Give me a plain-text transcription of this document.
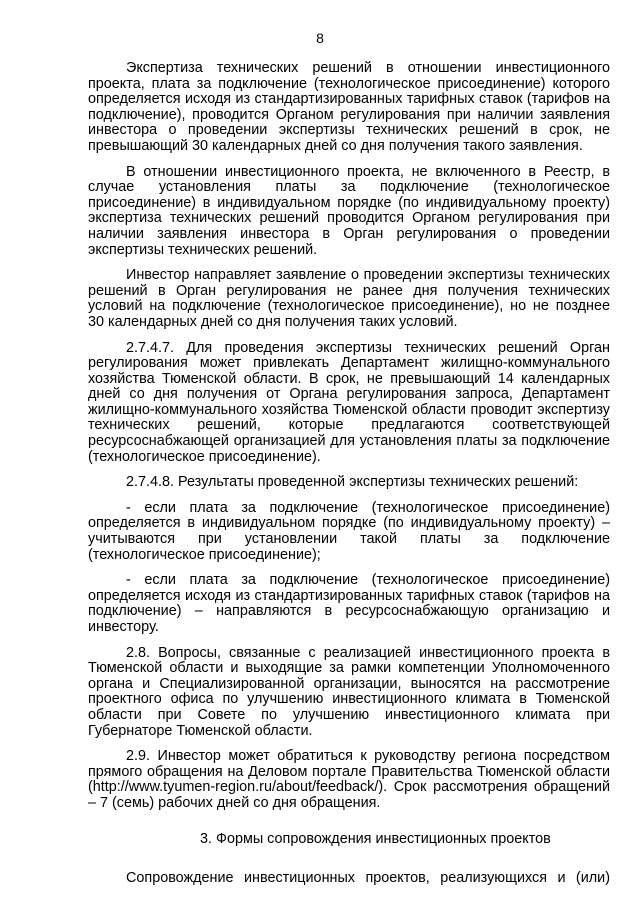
8

Экспертиза технических решений в отношении инвестиционного проекта, плата за подключение (технологическое присоединение) которого определяется исходя из стандартизированных тарифных ставок (тарифов на подключение), проводится Органом регулирования при наличии заявления инвестора о проведении экспертизы технических решений в срок, не превышающий 30 календарных дней со дня получения такого заявления.

В отношении инвестиционного проекта, не включенного в Реестр, в случае установления платы за подключение (технологическое присоединение) в индивидуальном порядке (по индивидуальному проекту) экспертиза технических решений проводится Органом регулирования при наличии заявления инвестора в Орган регулирования о проведении экспертизы технических решений.

Инвестор направляет заявление о проведении экспертизы технических решений в Орган регулирования не ранее дня получения технических условий на подключение (технологическое присоединение), но не позднее 30 календарных дней со дня получения таких условий.

2.7.4.7. Для проведения экспертизы технических решений Орган регулирования может привлекать Департамент жилищно-коммунального хозяйства Тюменской области. В срок, не превышающий 14 календарных дней со дня получения от Органа регулирования запроса, Департамент жилищно-коммунального хозяйства Тюменской области проводит экспертизу технических решений, которые предлагаются соответствующей ресурсоснабжающей организацией для установления платы за подключение (технологическое присоединение).

2.7.4.8. Результаты проведенной экспертизы технических решений:

- если плата за подключение (технологическое присоединение) определяется в индивидуальном порядке (по индивидуальному проекту) – учитываются при установлении такой платы за подключение (технологическое присоединение);

- если плата за подключение (технологическое присоединение) определяется исходя из стандартизированных тарифных ставок (тарифов на подключение) – направляются в ресурсоснабжающую организацию и инвестору.

2.8. Вопросы, связанные с реализацией инвестиционного проекта в Тюменской области и выходящие за рамки компетенции Уполномоченного органа и Специализированной организации, выносятся на рассмотрение проектного офиса по улучшению инвестиционного климата в Тюменской области при Совете по улучшению инвестиционного климата при Губернаторе Тюменской области.

2.9. Инвестор может обратиться к руководству региона посредством прямого обращения на Деловом портале Правительства Тюменской области (http://www.tyumen-region.ru/about/feedback/). Срок рассмотрения обращений – 7 (семь) рабочих дней со дня обращения.

3. Формы сопровождения инвестиционных проектов

Сопровождение инвестиционных проектов, реализующихся и (или)
